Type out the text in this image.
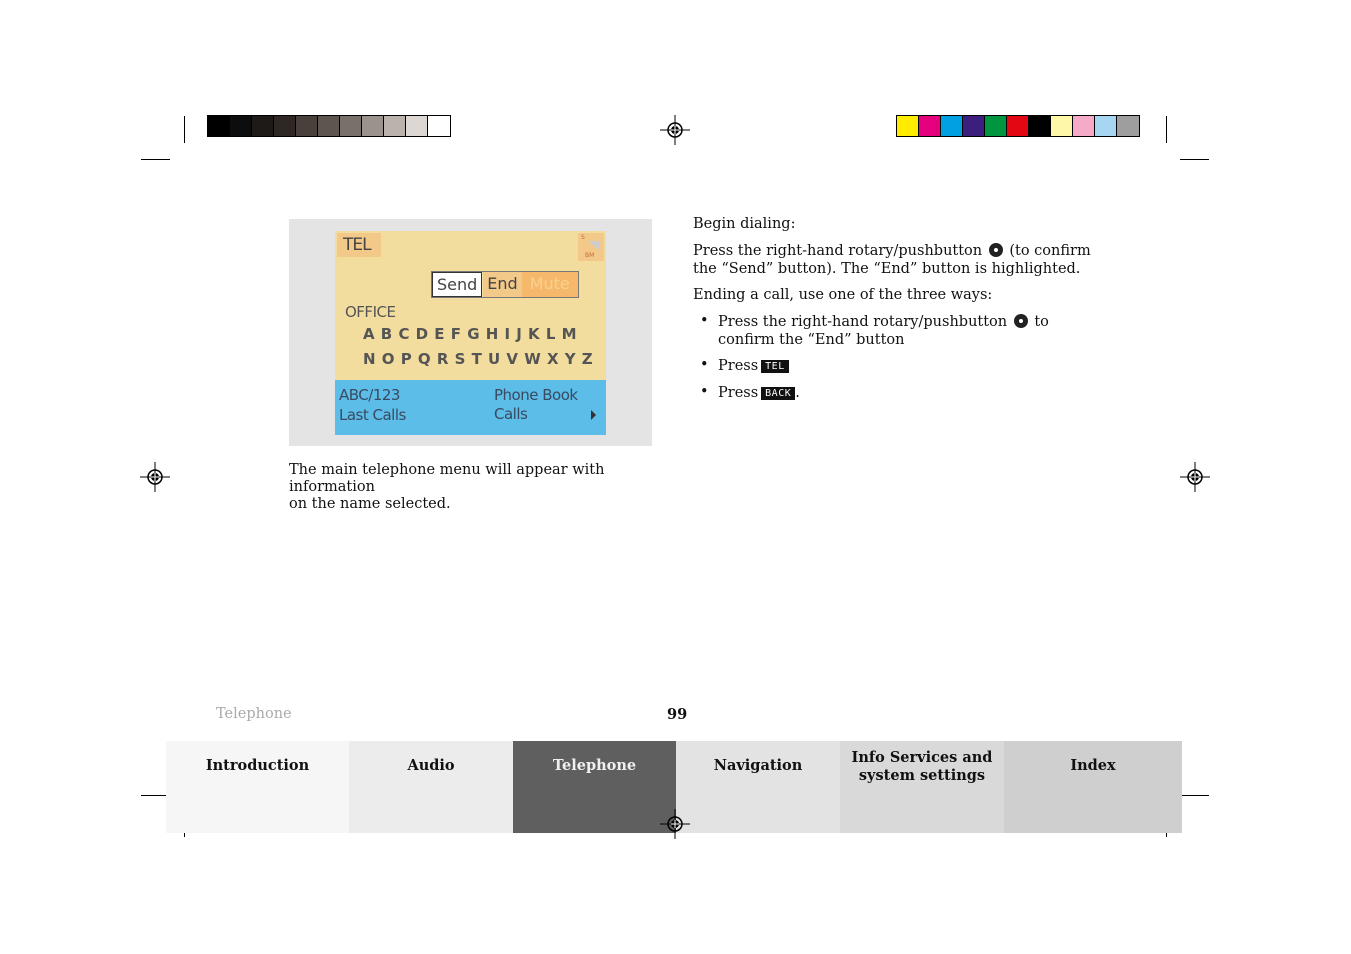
TEL	S
BM
Send End Mute
OFFICE
ABCDEFGHIJKLM
NOPQRSTUVWXYZ
ABC/123
Last Calls
Phone Book
Calls
The main telephone menu will appear with information
on the name selected.
Begin dialing:
Press the right-hand rotary/pushbutton (to confirm
the “Send” button). The “End” button is highlighted.
Ending a call, use one of the three ways:
• Press the right-hand rotary/pushbutton to
confirm the “End” button
• Press TEL
• Press BACK .
Telephone	99
Introduction	Audio	Telephone	Navigation	Info Services and
system settings
Index
